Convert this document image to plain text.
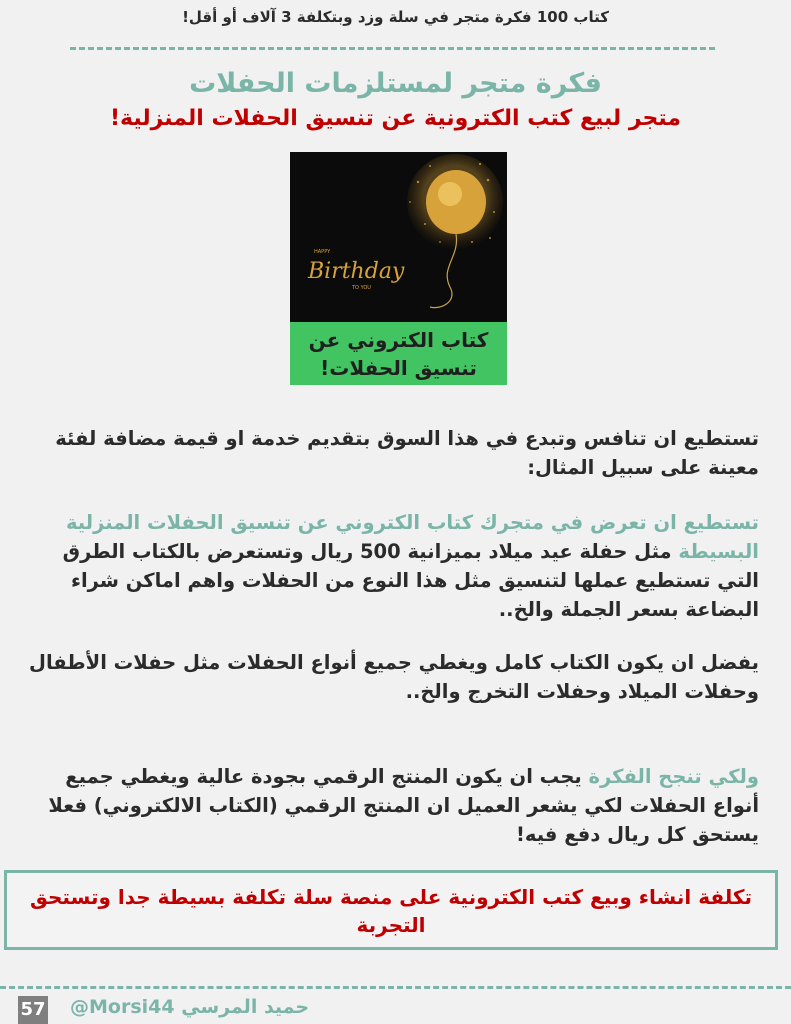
كتاب 100 فكرة متجر في سلة وزد وبتكلفة 3 آلاف أو أقل!
فكرة متجر لمستلزمات الحفلات
متجر لبيع كتب الكترونية عن تنسيق الحفلات المنزلية!
HAPPY
Birthday
TO YOU
كتاب الكتروني عن تنسيق الحفلات!
تستطيع ان تنافس وتبدع في هذا السوق بتقديم خدمة او قيمة مضافة لفئة معينة على سبيل المثال:
تستطيع ان تعرض في متجرك كتاب الكتروني عن تنسيق الحفلات المنزلية البسيطة مثل حفلة عيد ميلاد بميزانية 500 ريال وتستعرض بالكتاب الطرق التي تستطيع عملها لتنسيق مثل هذا النوع من الحفلات واهم اماكن شراء البضاعة بسعر الجملة والخ..
يفضل ان يكون الكتاب كامل ويغطي جميع أنواع الحفلات مثل حفلات الأطفال وحفلات الميلاد وحفلات التخرج والخ..
ولكي تنجح الفكرة يجب ان يكون المنتج الرقمي بجودة عالية ويغطي جميع أنواع الحفلات لكي يشعر العميل ان المنتج الرقمي (الكتاب الالكتروني) فعلا يستحق كل ريال دفع فيه!
تكلفة انشاء وبيع كتب الكترونية على منصة سلة تكلفة بسيطة جدا وتستحق التجربة
@Morsi44 حميد المرسي
57
